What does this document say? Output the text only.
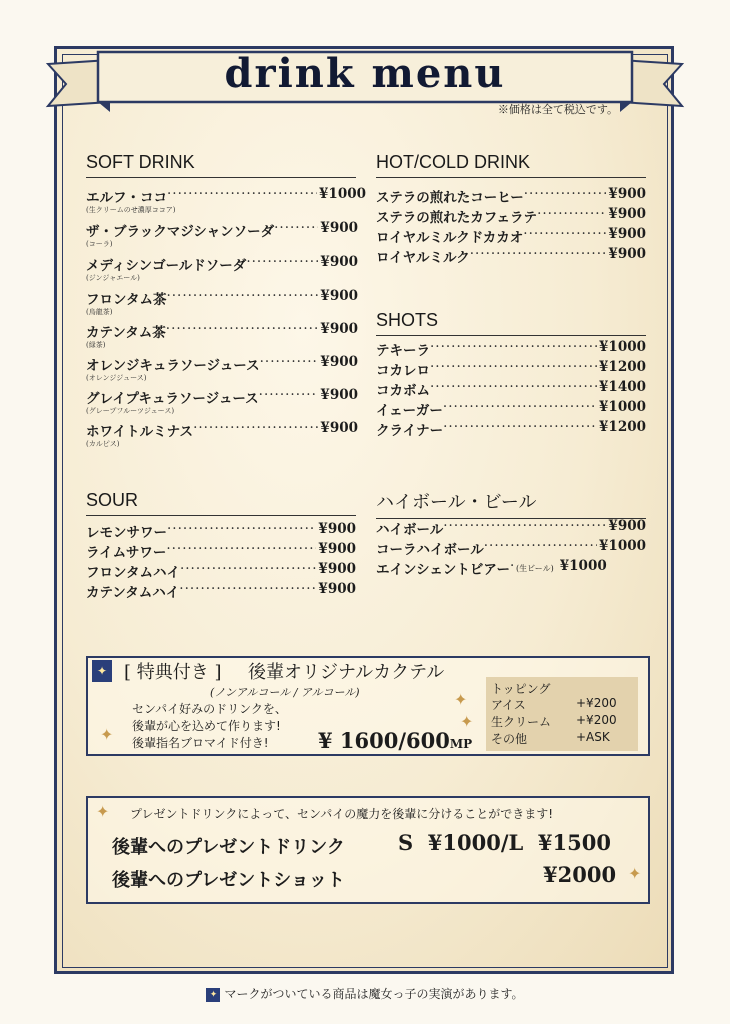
drink menu
※価格は全て税込です。
SOFT DRINK
エルフ・ココ ·····	¥1000
(生クリームのせ濃厚ココア)
ザ・ブラックマジシャンソーダ ·····	¥900
(コーラ)
メディシンゴールドソーダ ·····	¥900
(ジンジャエール)
フロンタム茶 ·····	¥900
(烏龍茶)
カテンタム茶 ·····	¥900
(緑茶)
オレンジキュラソージュース ·····	¥900
(オレンジジュース)
グレイプキュラソージュース ·····	¥900
(グレープフルーツジュース)
ホワイトルミナス ·····	¥900
(カルピス)
HOT/COLD DRINK
ステラの煎れたコーヒー ·····	¥900
ステラの煎れたカフェラテ ·····	¥900
ロイヤルミルクドカカオ ·····	¥900
ロイヤルミルク ·····	¥900
SHOTS
テキーラ ·····	¥1000
コカレロ ·····	¥1200
コカボム ·····	¥1400
イェーガー ·····	¥1000
クライナー ·····	¥1200
SOUR
レモンサワー ·····	¥900
ライムサワー ·····	¥900
フロンタムハイ ·····	¥900
カテンタムハイ ·····	¥900
ハイボール・ビール
ハイボール ·····	¥900
コーラハイボール ·····	¥1000
エインシェントビアー ····· (生ビール) ¥1000
✦ [ 特典付き ] 後輩オリジナルカクテル
(ノンアルコール / アルコール)
センパイ好みのドリンクを、
後輩が心を込めて作ります!
後輩指名ブロマイド付き!	¥ 1600/600MP
トッピング
アイス	+¥200
生クリーム +¥200
その他	+ASK
✦
✦
✦
プレゼントドリンクによって、センパイの魔力を後輩に分けることができます!
後輩へのプレゼントドリンク	S  ¥1000/L  ¥1500
後輩へのプレゼントショット	¥2000
✦
✦
✦ マークがついている商品は魔女っ子の実演があります。
